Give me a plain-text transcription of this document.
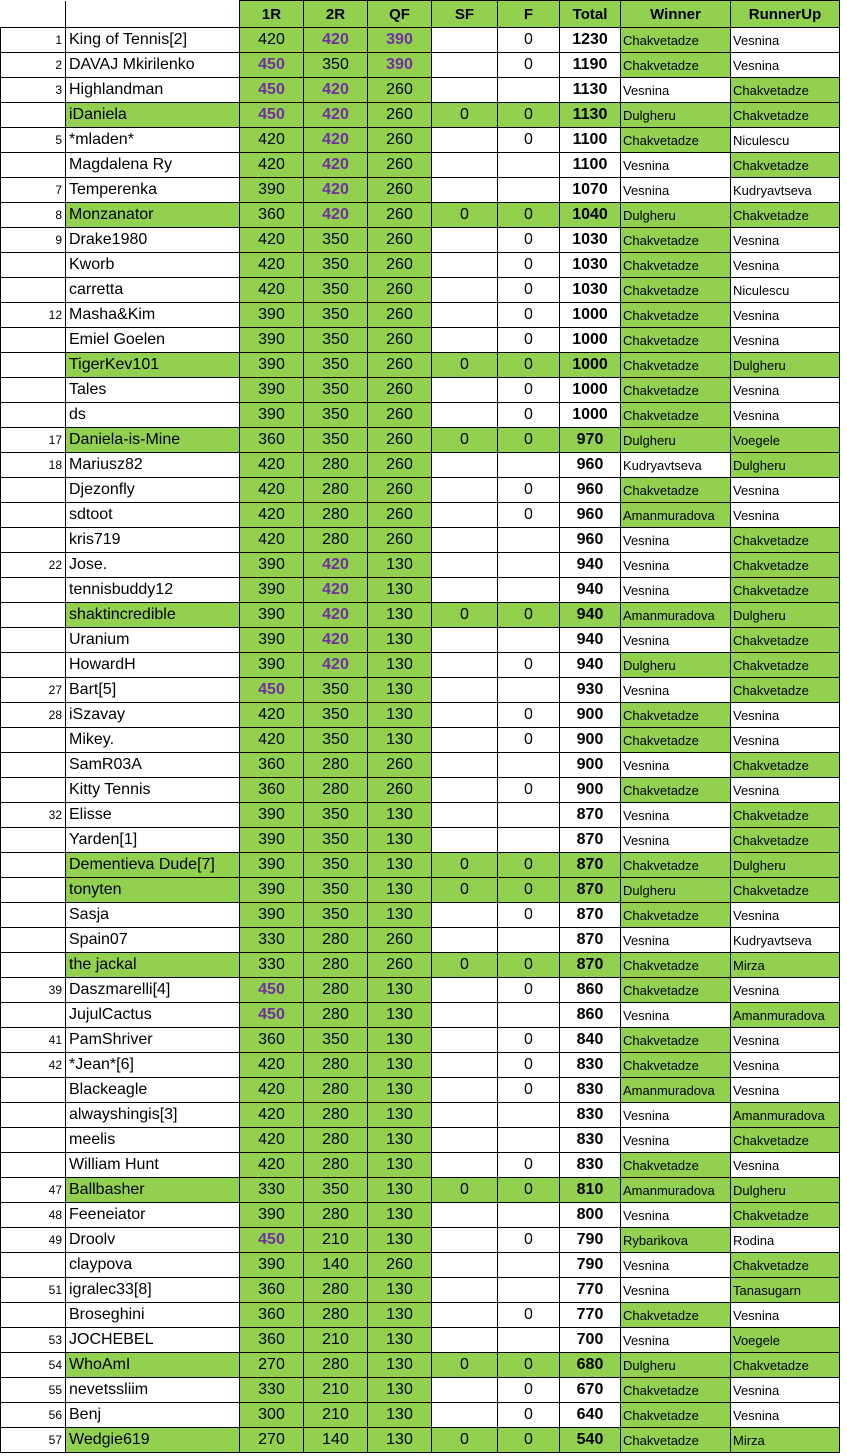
		1R	2R	QF	SF	F	Total	Winner	RunnerUp
1	King of Tennis[2]	420	420	390		0	1230	Chakvetadze	Vesnina
2	DAVAJ Mkirilenko	450	350	390		0	1190	Chakvetadze	Vesnina
3	Highlandman	450	420	260			1130	Vesnina	Chakvetadze
	iDaniela	450	420	260	0	0	1130	Dulgheru	Chakvetadze
5	*mladen*	420	420	260		0	1100	Chakvetadze	Niculescu
	Magdalena Ry	420	420	260			1100	Vesnina	Chakvetadze
7	Temperenka	390	420	260			1070	Vesnina	Kudryavtseva
8	Monzanator	360	420	260	0	0	1040	Dulgheru	Chakvetadze
9	Drake1980	420	350	260		0	1030	Chakvetadze	Vesnina
	Kworb	420	350	260		0	1030	Chakvetadze	Vesnina
	carretta	420	350	260		0	1030	Chakvetadze	Niculescu
12	Masha&Kim	390	350	260		0	1000	Chakvetadze	Vesnina
	Emiel Goelen	390	350	260		0	1000	Chakvetadze	Vesnina
	TigerKev101	390	350	260	0	0	1000	Chakvetadze	Dulgheru
	Tales	390	350	260		0	1000	Chakvetadze	Vesnina
	ds	390	350	260		0	1000	Chakvetadze	Vesnina
17	Daniela-is-Mine	360	350	260	0	0	970	Dulgheru	Voegele
18	Mariusz82	420	280	260			960	Kudryavtseva	Dulgheru
	Djezonfly	420	280	260		0	960	Chakvetadze	Vesnina
	sdtoot	420	280	260		0	960	Amanmuradova	Vesnina
	kris719	420	280	260			960	Vesnina	Chakvetadze
22	Jose.	390	420	130			940	Vesnina	Chakvetadze
	tennisbuddy12	390	420	130			940	Vesnina	Chakvetadze
	shaktincredible	390	420	130	0	0	940	Amanmuradova	Dulgheru
	Uranium	390	420	130			940	Vesnina	Chakvetadze
	HowardH	390	420	130		0	940	Dulgheru	Chakvetadze
27	Bart[5]	450	350	130			930	Vesnina	Chakvetadze
28	iSzavay	420	350	130		0	900	Chakvetadze	Vesnina
	Mikey.	420	350	130		0	900	Chakvetadze	Vesnina
	SamR03A	360	280	260			900	Vesnina	Chakvetadze
	Kitty Tennis	360	280	260		0	900	Chakvetadze	Vesnina
32	Elisse	390	350	130			870	Vesnina	Chakvetadze
	Yarden[1]	390	350	130			870	Vesnina	Chakvetadze
	Dementieva Dude[7]	390	350	130	0	0	870	Chakvetadze	Dulgheru
	tonyten	390	350	130	0	0	870	Dulgheru	Chakvetadze
	Sasja	390	350	130		0	870	Chakvetadze	Vesnina
	Spain07	330	280	260			870	Vesnina	Kudryavtseva
	the jackal	330	280	260	0	0	870	Chakvetadze	Mirza
39	Daszmarelli[4]	450	280	130		0	860	Chakvetadze	Vesnina
	JujulCactus	450	280	130			860	Vesnina	Amanmuradova
41	PamShriver	360	350	130		0	840	Chakvetadze	Vesnina
42	*Jean*[6]	420	280	130		0	830	Chakvetadze	Vesnina
	Blackeagle	420	280	130		0	830	Amanmuradova	Vesnina
	alwayshingis[3]	420	280	130			830	Vesnina	Amanmuradova
	meelis	420	280	130			830	Vesnina	Chakvetadze
	William Hunt	420	280	130		0	830	Chakvetadze	Vesnina
47	Ballbasher	330	350	130	0	0	810	Amanmuradova	Dulgheru
48	Feeneiator	390	280	130			800	Vesnina	Chakvetadze
49	Droolv	450	210	130		0	790	Rybarikova	Rodina
	claypova	390	140	260			790	Vesnina	Chakvetadze
51	igralec33[8]	360	280	130			770	Vesnina	Tanasugarn
	Broseghini	360	280	130		0	770	Chakvetadze	Vesnina
53	JOCHEBEL	360	210	130			700	Vesnina	Voegele
54	WhoAmI	270	280	130	0	0	680	Dulgheru	Chakvetadze
55	nevetssliim	330	210	130		0	670	Chakvetadze	Vesnina
56	Benj	300	210	130		0	640	Chakvetadze	Vesnina
57	Wedgie619	270	140	130	0	0	540	Chakvetadze	Mirza
